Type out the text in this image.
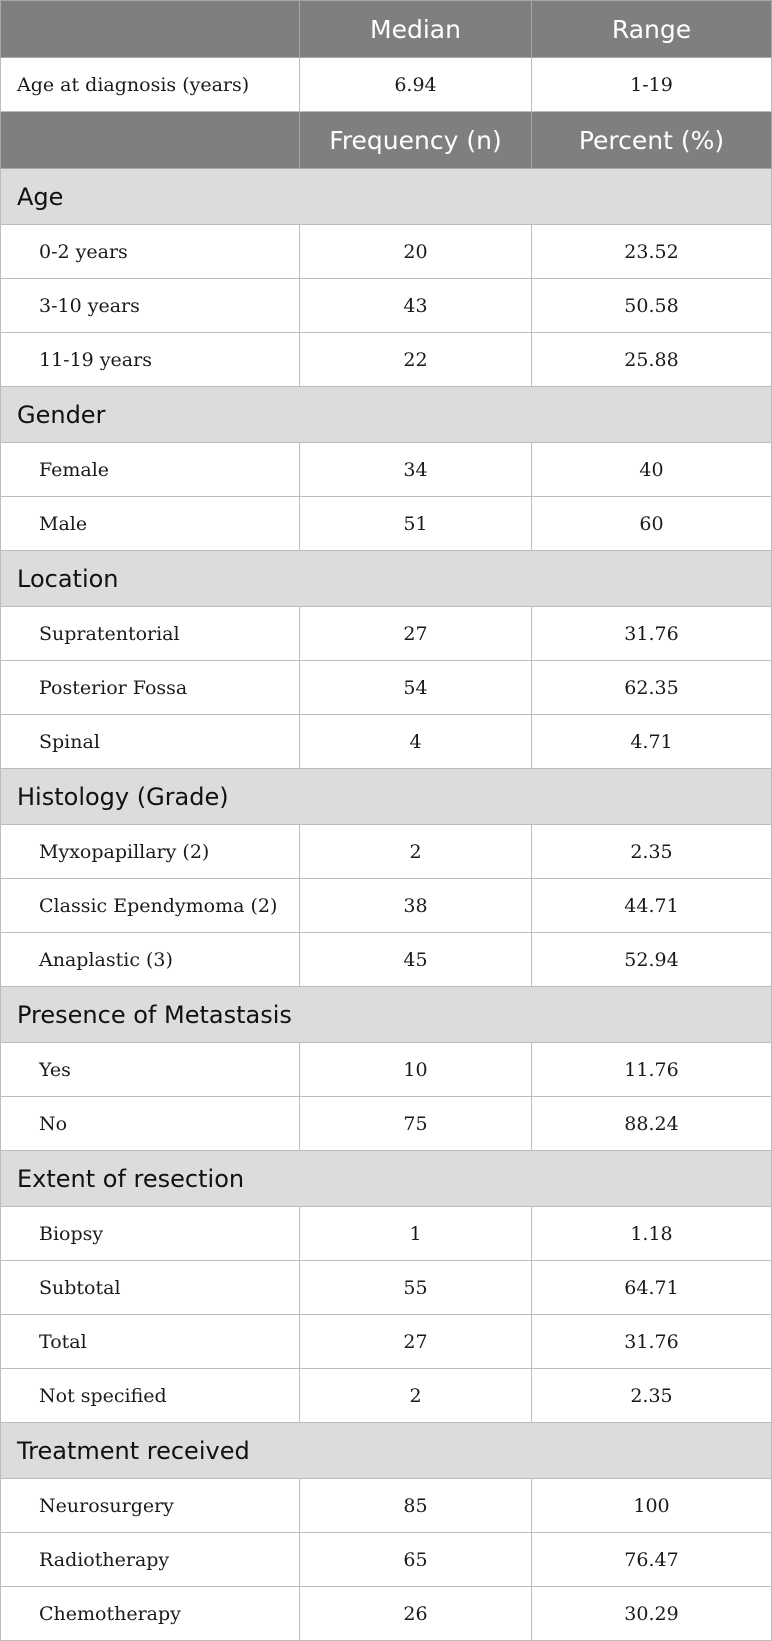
	Median	Range
Age at diagnosis (years)	6.94	1-19
	Frequency (n)	Percent (%)
Age		
0-2 years	20	23.52
3-10 years	43	50.58
11-19 years	22	25.88
Gender		
Female	34	40
Male	51	60
Location		
Supratentorial	27	31.76
Posterior Fossa	54	62.35
Spinal	4	4.71
Histology (Grade)		
Myxopapillary (2)	2	2.35
Classic Ependymoma (2)	38	44.71
Anaplastic (3)	45	52.94
Presence of Metastasis		
Yes	10	11.76
No	75	88.24
Extent of resection		
Biopsy	1	1.18
Subtotal	55	64.71
Total	27	31.76
Not specified	2	2.35
Treatment received		
Neurosurgery	85	100
Radiotherapy	65	76.47
Chemotherapy	26	30.29
